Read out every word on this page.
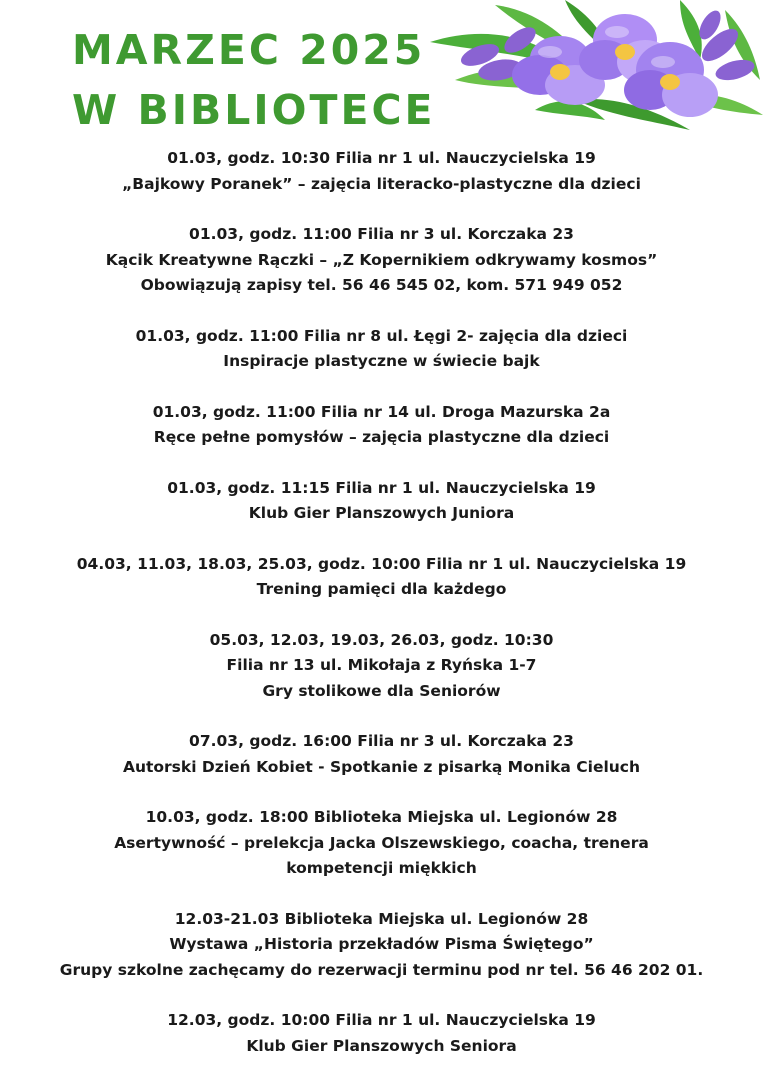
MARZEC 2025
W BIBLIOTECE
01.03, godz. 10:30 Filia nr 1 ul. Nauczycielska 19
„Bajkowy Poranek” – zajęcia literacko-plastyczne dla dzieci
01.03, godz. 11:00 Filia nr 3 ul. Korczaka 23
Kącik Kreatywne Rączki – „Z Kopernikiem odkrywamy kosmos”
Obowiązują zapisy tel. 56 46 545 02, kom. 571 949 052
01.03, godz. 11:00 Filia nr 8 ul. Łęgi 2- zajęcia dla dzieci
Inspiracje plastyczne w świecie bajk
01.03, godz. 11:00 Filia nr 14 ul. Droga Mazurska 2a
Ręce pełne pomysłów – zajęcia plastyczne dla dzieci
01.03, godz. 11:15 Filia nr 1 ul. Nauczycielska 19
Klub Gier Planszowych Juniora
04.03, 11.03, 18.03, 25.03, godz. 10:00 Filia nr 1 ul. Nauczycielska 19
Trening pamięci dla każdego
05.03, 12.03, 19.03, 26.03, godz. 10:30
Filia nr 13 ul. Mikołaja z Ryńska 1-7
Gry stolikowe dla Seniorów
07.03, godz. 16:00 Filia nr 3 ul. Korczaka 23
Autorski Dzień Kobiet - Spotkanie z pisarką Monika Cieluch
10.03, godz. 18:00 Biblioteka Miejska ul. Legionów 28
Asertywność – prelekcja Jacka Olszewskiego, coacha, trenera kompetencji miękkich
12.03-21.03 Biblioteka Miejska ul. Legionów 28
Wystawa „Historia przekładów Pisma Świętego”
Grupy szkolne zachęcamy do rezerwacji terminu pod nr tel. 56 46 202 01.
12.03, godz. 10:00 Filia nr 1 ul. Nauczycielska 19
Klub Gier Planszowych Seniora
